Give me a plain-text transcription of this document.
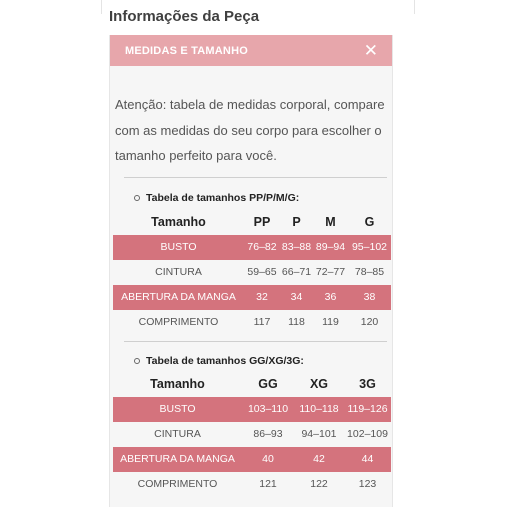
Informações da Peça
MEDIDAS E TAMANHO	✕
Atenção: tabela de medidas corporal, compare com as medidas do seu corpo para escolher o tamanho perfeito para você.
Tabela de tamanhos PP/P/M/G:
Tamanho	PP	P	M	G
BUSTO	76–82	83–88	89–94	95–102
CINTURA	59–65	66–71	72–77	78–85
ABERTURA DA MANGA	32	34	36	38
COMPRIMENTO	117	118	119	120
Tabela de tamanhos GG/XG/3G:
Tamanho	GG	XG	3G
BUSTO	103–110	110–118	119–126
CINTURA	86–93	94–101	102–109
ABERTURA DA MANGA	40	42	44
COMPRIMENTO	121	122	123
